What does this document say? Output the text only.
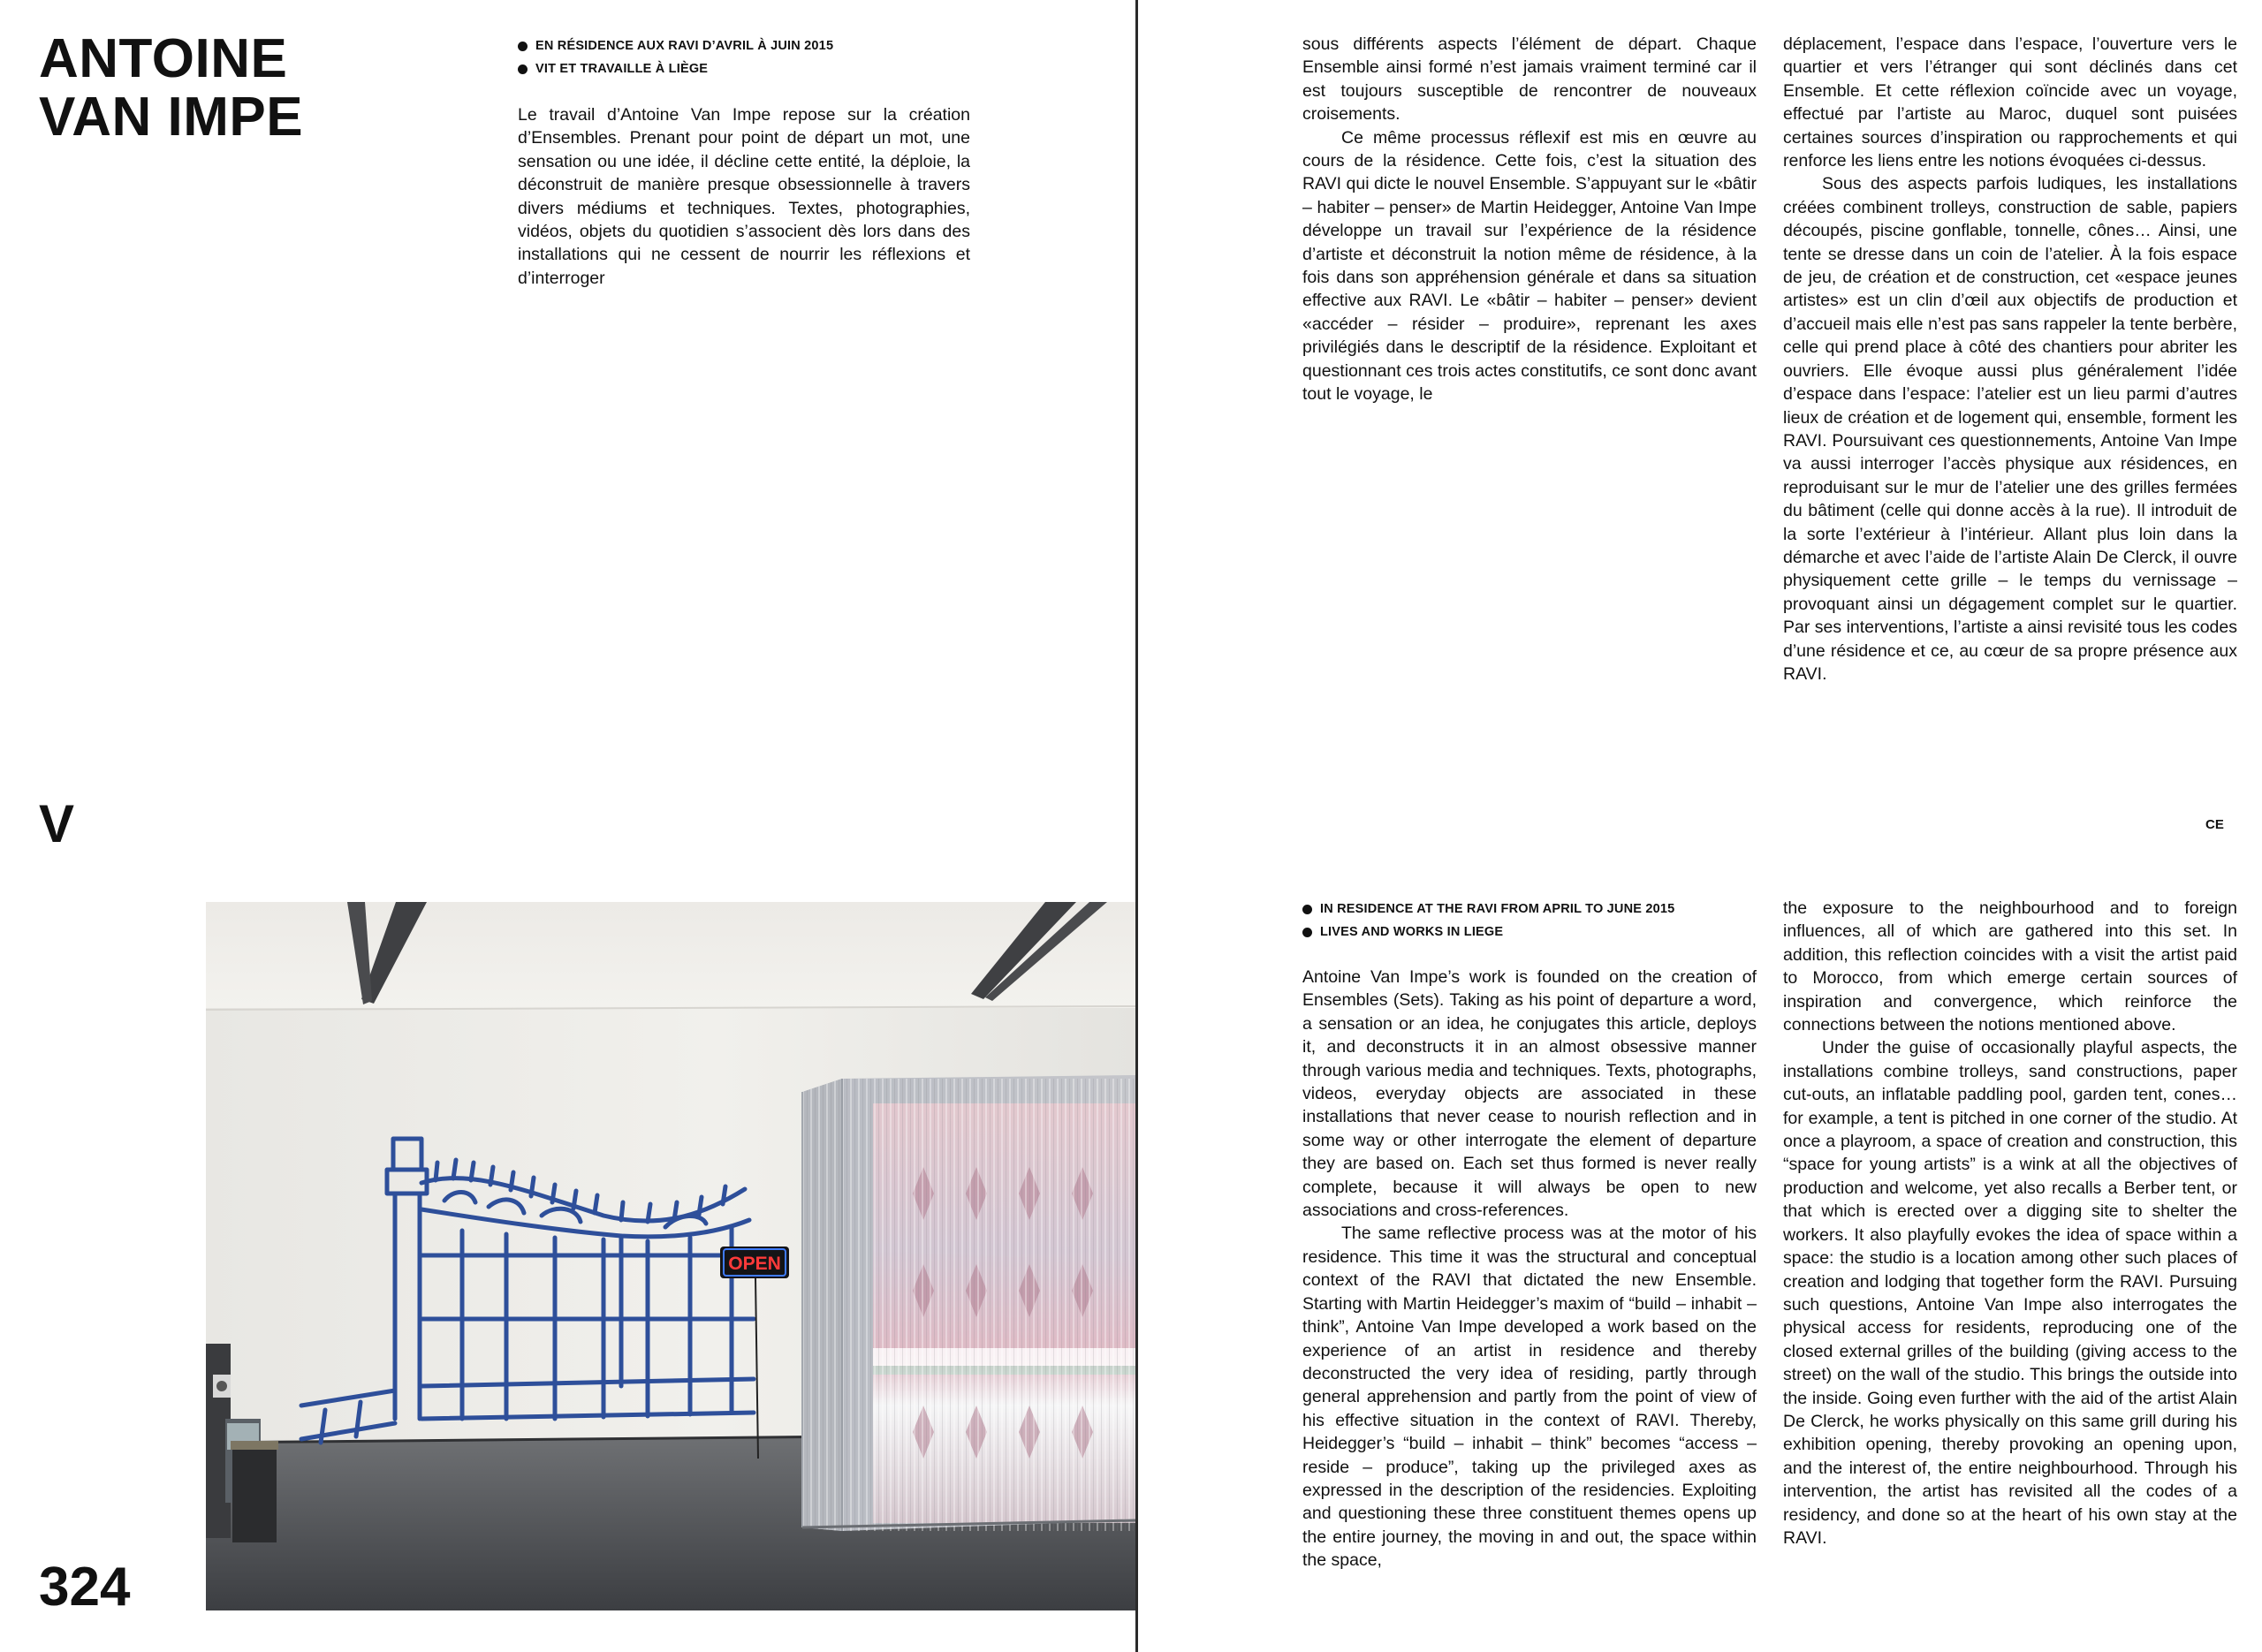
ANTOINE
VAN IMPE
EN RÉSIDENCE AUX RAVI D’AVRIL À JUIN 2015
VIT ET TRAVAILLE À LIÈGE

Le travail d’Antoine Van Impe repose sur la création d’Ensembles. Prenant pour point de départ un mot, une sensation ou une idée, il décline cette entité, la déploie, la déconstruit de manière presque obsessionnelle à travers divers médiums et techniques. Textes, photographies, vidéos, objets du quotidien s’associent dès lors dans des installations qui ne cessent de nourrir les réflexions et d’interroger

V
OPEN
324

sous différents aspects l’élément de départ. Chaque Ensemble ainsi formé n’est jamais vraiment terminé car il est toujours susceptible de rencontrer de nouveaux croisements.

Ce même processus réflexif est mis en œuvre au cours de la résidence. Cette fois, c’est la situation des RAVI qui dicte le nouvel Ensemble. S’appuyant sur le «bâtir – habiter – penser» de Martin Heidegger, Antoine Van Impe développe un travail sur l’expérience de la résidence d’artiste et déconstruit la notion même de résidence, à la fois dans son appréhension générale et dans sa situation effective aux RAVI. Le «bâtir – habiter – penser» devient «accéder – résider – produire», reprenant les axes privilégiés dans le descriptif de la résidence. Exploitant et questionnant ces trois actes constitutifs, ce sont donc avant tout le voyage, le

déplacement, l’espace dans l’espace, l’ouverture vers le quartier et vers l’étranger qui sont déclinés dans cet Ensemble. Et cette réflexion coïncide avec un voyage, effectué par l’artiste au Maroc, duquel sont puisées certaines sources d’inspiration ou rapprochements et qui renforce les liens entre les notions évoquées ci-dessus.

Sous des aspects parfois ludiques, les installations créées combinent trolleys, construction de sable, papiers découpés, piscine gonflable, tonnelle, cônes… Ainsi, une tente se dresse dans un coin de l’atelier. À la fois espace de jeu, de création et de construction, cet «espace jeunes artistes» est un clin d’œil aux objectifs de production et d’accueil mais elle n’est pas sans rappeler la tente berbère, celle qui prend place à côté des chantiers pour abriter les ouvriers. Elle évoque aussi plus généralement l’idée d’espace dans l’espace: l’atelier est un lieu parmi d’autres lieux de création et de logement qui, ensemble, forment les RAVI. Poursuivant ces questionnements, Antoine Van Impe va aussi interroger l’accès physique aux résidences, en reproduisant sur le mur de l’atelier une des grilles fermées du bâtiment (celle qui donne accès à la rue). Il introduit de la sorte l’extérieur à l’intérieur. Allant plus loin dans la démarche et avec l’aide de l’artiste Alain De Clerck, il ouvre physiquement cette grille – le temps du vernissage – provoquant ainsi un dégagement complet sur le quartier. Par ses interventions, l’artiste a ainsi revisité tous les codes d’une résidence et ce, au cœur de sa propre présence aux RAVI.

CE
IN RESIDENCE AT THE RAVI FROM APRIL TO JUNE 2015
LIVES AND WORKS IN LIEGE

Antoine Van Impe’s work is founded on the creation of Ensembles (Sets). Taking as his point of departure a word, a sensation or an idea, he conjugates this article, deploys it, and deconstructs it in an almost obsessive manner through various media and techniques. Texts, photographs, videos, everyday objects are associated in these installations that never cease to nourish reflection and in some way or other interrogate the element of departure they are based on. Each set thus formed is never really complete, because it will always be open to new associations and cross-references.

The same reflective process was at the motor of his residence. This time it was the structural and conceptual context of the RAVI that dictated the new Ensemble. Starting with Martin Heidegger’s maxim of “build – inhabit – think”, Antoine Van Impe developed a work based on the experience of an artist in residence and thereby deconstructed the very idea of residing, partly through general apprehension and partly from the point of view of his effective situation in the context of RAVI. Thereby, Heidegger’s “build – inhabit – think” becomes “access – reside – produce”, taking up the privileged axes as expressed in the description of the residencies. Exploiting and questioning these three constituent themes opens up the entire journey, the moving in and out, the space within the space,

the exposure to the neighbourhood and to foreign influences, all of which are gathered into this set. In addition, this reflection coincides with a visit the artist paid to Morocco, from which emerge certain sources of inspiration and convergence, which reinforce the connections between the notions mentioned above.

Under the guise of occasionally playful aspects, the installations combine trolleys, sand constructions, paper cut-outs, an inflatable paddling pool, garden tent, cones… for example, a tent is pitched in one corner of the studio. At once a playroom, a space of creation and construction, this “space for young artists” is a wink at all the objectives of production and welcome, yet also recalls a Berber tent, or that which is erected over a digging site to shelter the workers. It also playfully evokes the idea of space within a space: the studio is a location among other such places of creation and lodging that together form the RAVI. Pursuing such questions, Antoine Van Impe also interrogates the physical access for residents, reproducing one of the closed external grilles of the building (giving access to the street) on the wall of the studio. This brings the outside into the inside. Going even further with the aid of the artist Alain De Clerck, he works physically on this same grill during his exhibition opening, thereby provoking an opening upon, and the interest of, the entire neighbourhood. Through his intervention, the artist has revisited all the codes of a residency, and done so at the heart of his own stay at the RAVI.
